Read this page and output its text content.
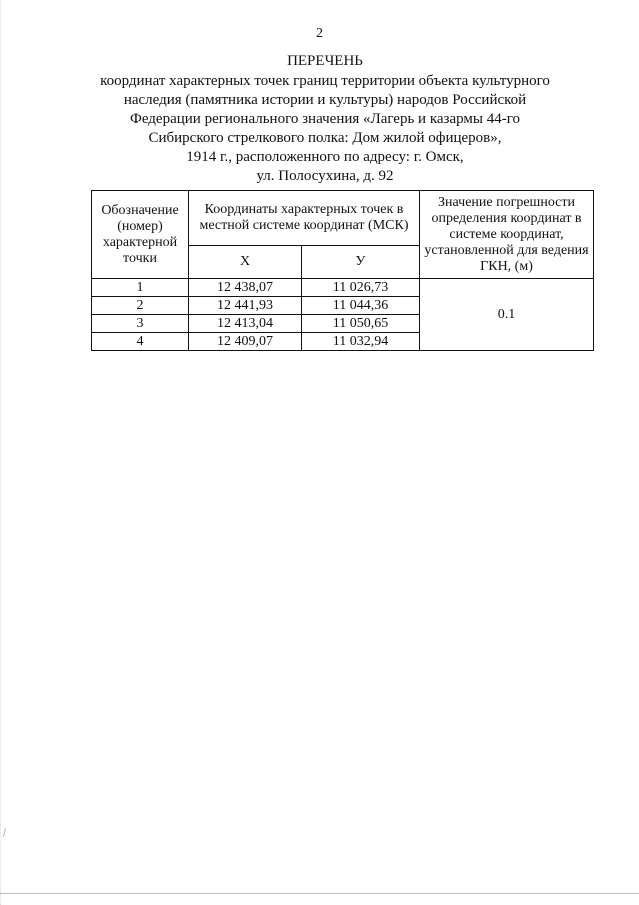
2
ПЕРЕЧЕНЬ
координат характерных точек границ территории объекта культурного
наследия (памятника истории и культуры) народов Российской
Федерации регионального значения «Лагерь и казармы 44-го
Сибирского стрелкового полка: Дом жилой офицеров»,
1914 г., расположенного по адресу: г. Омск,
ул. Полосухина, д. 92
Обозначение (номер) характерной точки	Координаты характерных точек в местной системе координат (МСК)		Значение погрешности определения координат в системе координат, установленной для ведения ГКН, (м)
	X	У	
1	12 438,07	11 026,73	0.1
2	12 441,93	11 044,36	
3	12 413,04	11 050,65	
4	12 409,07	11 032,94	
